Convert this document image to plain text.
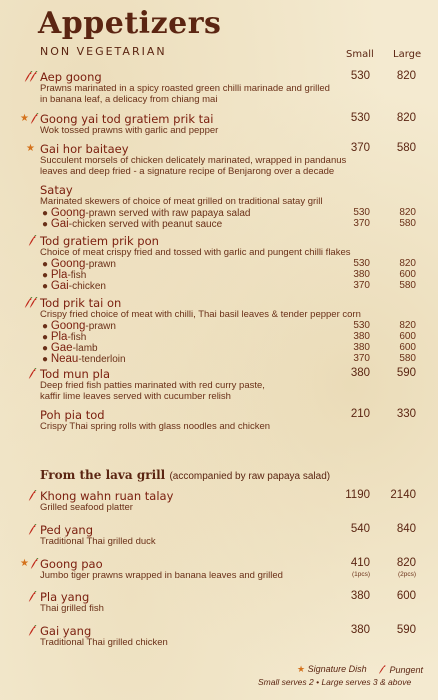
Appetizers
NON VEGETARIAN	Small Large
Aep goong	530	820
Prawns marinated in a spicy roasted green chilli marinade and grilled
in banana leaf, a delicacy from chiang mai
★ Goong yai tod gratiem prik tai	530	820
Wok tossed prawns with garlic and pepper
★ Gai hor baitaey	370	580
Succulent morsels of chicken delicately marinated, wrapped in pandanus
leaves and deep fried - a signature recipe of Benjarong over a decade
Satay
Marinated skewers of choice of meat grilled on traditional satay grill
● Goong-prawn served with raw papaya salad	530	820
● Gai-chicken served with peanut sauce	370	580
Tod gratiem prik pon
Choice of meat crispy fried and tossed with garlic and pungent chilli flakes
● Goong-prawn	530	820
● Pla-fish	380	600
● Gai-chicken	370	580
Tod prik tai on
Crispy fried choice of meat with chilli, Thai basil leaves & tender pepper corn
● Goong-prawn	530	820
● Pla-fish	380	600
● Gae-lamb	380	600
● Neau-tenderloin	370	580
Tod mun pla	380	590
Deep fried fish patties marinated with red curry paste,
kaffir lime leaves served with cucumber relish
Poh pia tod	210	330
Crispy Thai spring rolls with glass noodles and chicken
Khong wahn ruan talay	1190	2140
Grilled seafood platter
Ped yang	540	840
Traditional Thai grilled duck
★ Goong pao	410	820
Jumbo tiger prawns wrapped in banana leaves and grilled	(1pcs)	(2pcs)
Pla yang	380	600
Thai grilled fish
Gai yang	380	590
Traditional Thai grilled chicken
From the lava grill (accompanied by raw papaya salad)
★ Signature Dish	Pungent
Small serves 2 • Large serves 3 & above
